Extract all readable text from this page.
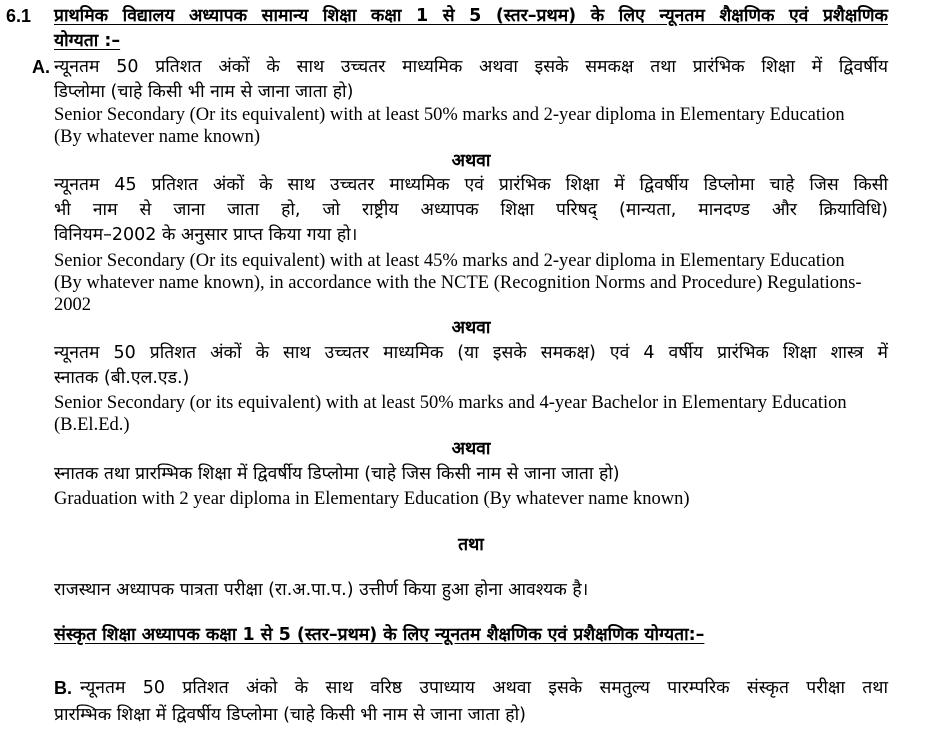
6.1 प्राथमिक विद्यालय अध्यापक सामान्य शिक्षा कक्षा 1 से 5 (स्तर–प्रथम) के लिए न्यूनतम शैक्षणिक एवं प्रशैक्षणिक
योग्यता :–
A. न्यूनतम 50 प्रतिशत अंकों के साथ उच्चतर माध्यमिक अथवा इसके समकक्ष तथा प्रारंभिक शिक्षा में द्विवर्षीय
डिप्लोमा (चाहे किसी भी नाम से जाना जाता हो)
Senior Secondary (Or its equivalent) with at least 50% marks and 2-year diploma in Elementary Education
(By whatever name known)
अथवा
न्यूनतम 45 प्रतिशत अंकों के साथ उच्चतर माध्यमिक एवं प्रारंभिक शिक्षा में द्विवर्षीय डिप्लोमा चाहे जिस किसी
भी नाम से जाना जाता हो, जो राष्ट्रीय अध्यापक शिक्षा परिषद् (मान्यता, मानदण्ड और क्रियाविधि)
विनियम–2002 के अनुसार प्राप्त किया गया हो।
Senior Secondary (Or its equivalent) with at least 45% marks and 2-year diploma in Elementary Education
(By whatever name known), in accordance with the NCTE (Recognition Norms and Procedure) Regulations-
2002
अथवा
न्यूनतम 50 प्रतिशत अंकों के साथ उच्चतर माध्यमिक (या इसके समकक्ष) एवं 4 वर्षीय प्रारंभिक शिक्षा शास्त्र में
स्नातक (बी.एल.एड.)
Senior Secondary (or its equivalent) with at least 50% marks and 4-year Bachelor in Elementary Education
(B.El.Ed.)
अथवा
स्नातक तथा प्रारम्भिक शिक्षा में द्विवर्षीय डिप्लोमा (चाहे जिस किसी नाम से जाना जाता हो)
Graduation with 2 year diploma in Elementary Education (By whatever name known)
तथा
राजस्थान अध्यापक पात्रता परीक्षा (रा.अ.पा.प.) उत्तीर्ण किया हुआ होना आवश्यक है।
संस्कृत शिक्षा अध्यापक कक्षा 1 से 5 (स्तर–प्रथम) के लिए न्यूनतम शैक्षणिक एवं प्रशैक्षणिक योग्यता:–
B. न्यूनतम 50 प्रतिशत अंको के साथ वरिष्ठ उपाध्याय अथवा इसके समतुल्य पारम्परिक संस्कृत परीक्षा तथा
प्रारम्भिक शिक्षा में द्विवर्षीय डिप्लोमा (चाहे किसी भी नाम से जाना जाता हो)
